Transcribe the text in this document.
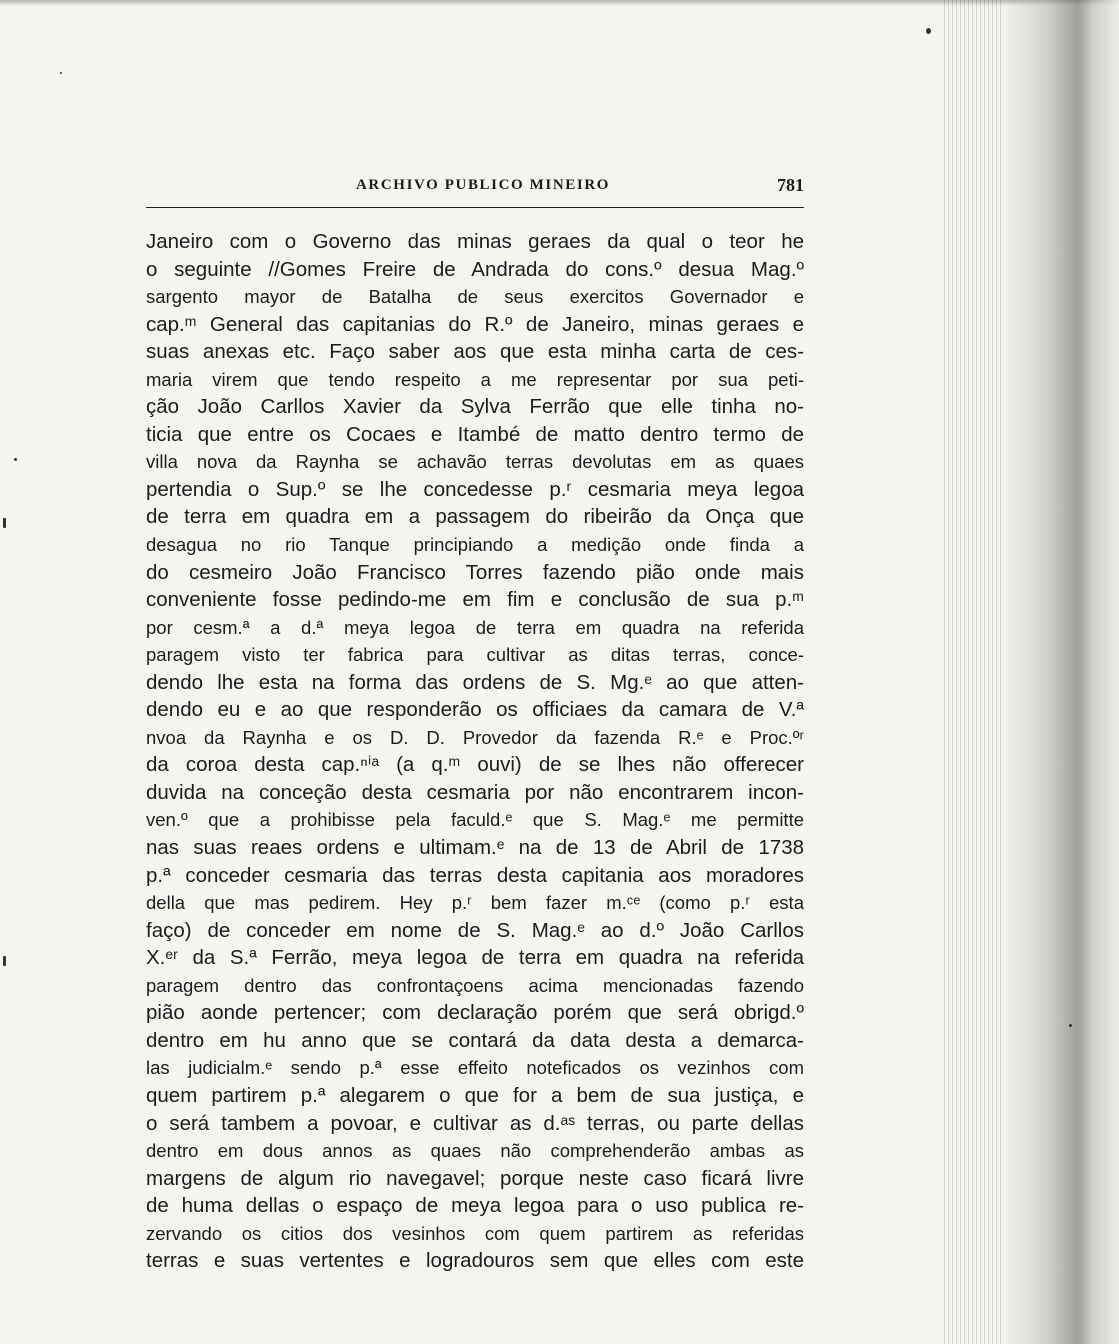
ARCHIVO PUBLICO MINEIRO	781
Janeiro com o Governo das minas geraes da qual o teor he
o seguinte //Gomes Freire de Andrada do cons.º desua Mag.º
sargento mayor de Batalha de seus exercitos Governador e
cap.ᵐ General das capitanias do R.º de Janeiro, minas geraes e
suas anexas etc. Faço saber aos que esta minha carta de ces-
maria virem que tendo respeito a me representar por sua peti-
ção João Carllos Xavier da Sylva Ferrão que elle tinha no-
ticia que entre os Cocaes e Itambé de matto dentro termo de
villa nova da Raynha se achavão terras devolutas em as quaes
pertendia o Sup.º se lhe concedesse p.ʳ cesmaria meya legoa
de terra em quadra em a passagem do ribeirão da Onça que
desagua no rio Tanque principiando a medição onde finda a
do cesmeiro João Francisco Torres fazendo pião onde mais
conveniente fosse pedindo-me em fim e conclusão de sua p.ᵐ
por cesm.ª a d.ª meya legoa de terra em quadra na referida
paragem visto ter fabrica para cultivar as ditas terras, conce-
dendo lhe esta na forma das ordens de S. Mg.ᵉ ao que atten-
dendo eu e ao que responderão os officiaes da camara de V.ª
nvoa da Raynha e os D. D. Provedor da fazenda R.ᵉ e Proc.ºʳ
da coroa desta cap.ⁿⁱᵃ (a q.ᵐ ouvi) de se lhes não offerecer
duvida na conceção desta cesmaria por não encontrarem incon-
ven.º que a prohibisse pela faculd.ᵉ que S. Mag.ᵉ me permitte
nas suas reaes ordens e ultimam.ᵉ na de 13 de Abril de 1738
p.ª conceder cesmaria das terras desta capitania aos moradores
della que mas pedirem. Hey p.ʳ bem fazer m.ᶜᵉ (como p.ʳ esta
faço) de conceder em nome de S. Mag.ᵉ ao d.º João Carllos
X.ᵉʳ da S.ª Ferrão, meya legoa de terra em quadra na referida
paragem dentro das confrontaçoens acima mencionadas fazendo
pião aonde pertencer; com declaração porém que será obrigd.º
dentro em hu anno que se contará da data desta a demarca-
las judicialm.ᵉ sendo p.ª esse effeito noteficados os vezinhos com
quem partirem p.ª alegarem o que for a bem de sua justiça, e
o será tambem a povoar, e cultivar as d.ᵃˢ terras, ou parte dellas
dentro em dous annos as quaes não comprehenderão ambas as
margens de algum rio navegavel; porque neste caso ficará livre
de huma dellas o espaço de meya legoa para o uso publica re-
zervando os citios dos vesinhos com quem partirem as referidas
terras e suas vertentes e logradouros sem que elles com este
